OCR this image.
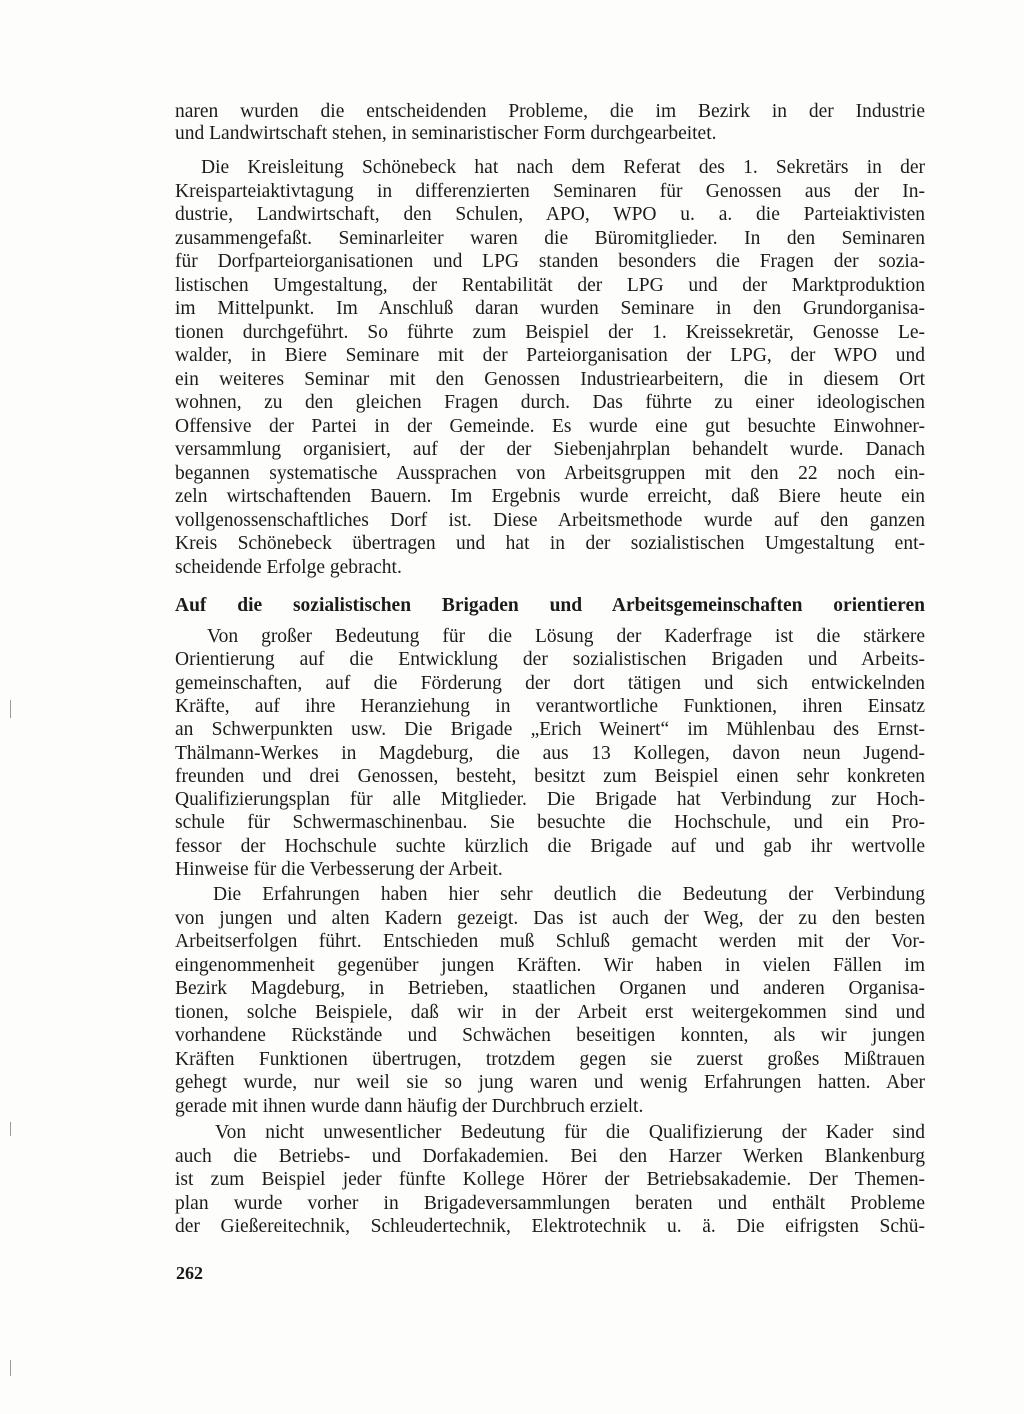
naren wurden die entscheidenden Probleme, die im Bezirk in der Industrie
und Landwirtschaft stehen, in seminaristischer Form durchgearbeitet.
Die Kreisleitung Schönebeck hat nach dem Referat des 1. Sekretärs in der
Kreisparteiaktivtagung in differenzierten Seminaren für Genossen aus der In-
dustrie, Landwirtschaft, den Schulen, APO, WPO u. a. die Parteiaktivisten
zusammengefaßt. Seminarleiter waren die Büromitglieder. In den Seminaren
für Dorfparteiorganisationen und LPG standen besonders die Fragen der sozia-
listischen Umgestaltung, der Rentabilität der LPG und der Marktproduktion
im Mittelpunkt. Im Anschluß daran wurden Seminare in den Grundorganisa-
tionen durchgeführt. So führte zum Beispiel der 1. Kreissekretär, Genosse Le-
walder, in Biere Seminare mit der Parteiorganisation der LPG, der WPO und
ein weiteres Seminar mit den Genossen Industriearbeitern, die in diesem Ort
wohnen, zu den gleichen Fragen durch. Das führte zu einer ideologischen
Offensive der Partei in der Gemeinde. Es wurde eine gut besuchte Einwohner-
versammlung organisiert, auf der der Siebenjahrplan behandelt wurde. Danach
begannen systematische Aussprachen von Arbeitsgruppen mit den 22 noch ein-
zeln wirtschaftenden Bauern. Im Ergebnis wurde erreicht, daß Biere heute ein
vollgenossenschaftliches Dorf ist. Diese Arbeitsmethode wurde auf den ganzen
Kreis Schönebeck übertragen und hat in der sozialistischen Umgestaltung ent-
scheidende Erfolge gebracht.
Auf die sozialistischen Brigaden und Arbeitsgemeinschaften orientieren
Von großer Bedeutung für die Lösung der Kaderfrage ist die stärkere
Orientierung auf die Entwicklung der sozialistischen Brigaden und Arbeits-
gemeinschaften, auf die Förderung der dort tätigen und sich entwickelnden
Kräfte, auf ihre Heranziehung in verantwortliche Funktionen, ihren Einsatz
an Schwerpunkten usw. Die Brigade „Erich Weinert“ im Mühlenbau des Ernst-
Thälmann-Werkes in Magdeburg, die aus 13 Kollegen, davon neun Jugend-
freunden und drei Genossen, besteht, besitzt zum Beispiel einen sehr konkreten
Qualifizierungsplan für alle Mitglieder. Die Brigade hat Verbindung zur Hoch-
schule für Schwermaschinenbau. Sie besuchte die Hochschule, und ein Pro-
fessor der Hochschule suchte kürzlich die Brigade auf und gab ihr wertvolle
Hinweise für die Verbesserung der Arbeit.
Die Erfahrungen haben hier sehr deutlich die Bedeutung der Verbindung
von jungen und alten Kadern gezeigt. Das ist auch der Weg, der zu den besten
Arbeitserfolgen führt. Entschieden muß Schluß gemacht werden mit der Vor-
eingenommenheit gegenüber jungen Kräften. Wir haben in vielen Fällen im
Bezirk Magdeburg, in Betrieben, staatlichen Organen und anderen Organisa-
tionen, solche Beispiele, daß wir in der Arbeit erst weitergekommen sind und
vorhandene Rückstände und Schwächen beseitigen konnten, als wir jungen
Kräften Funktionen übertrugen, trotzdem gegen sie zuerst großes Mißtrauen
gehegt wurde, nur weil sie so jung waren und wenig Erfahrungen hatten. Aber
gerade mit ihnen wurde dann häufig der Durchbruch erzielt.
Von nicht unwesentlicher Bedeutung für die Qualifizierung der Kader sind
auch die Betriebs- und Dorfakademien. Bei den Harzer Werken Blankenburg
ist zum Beispiel jeder fünfte Kollege Hörer der Betriebsakademie. Der Themen-
plan wurde vorher in Brigadeversammlungen beraten und enthält Probleme
der Gießereitechnik, Schleudertechnik, Elektrotechnik u. ä. Die eifrigsten Schü-
262
